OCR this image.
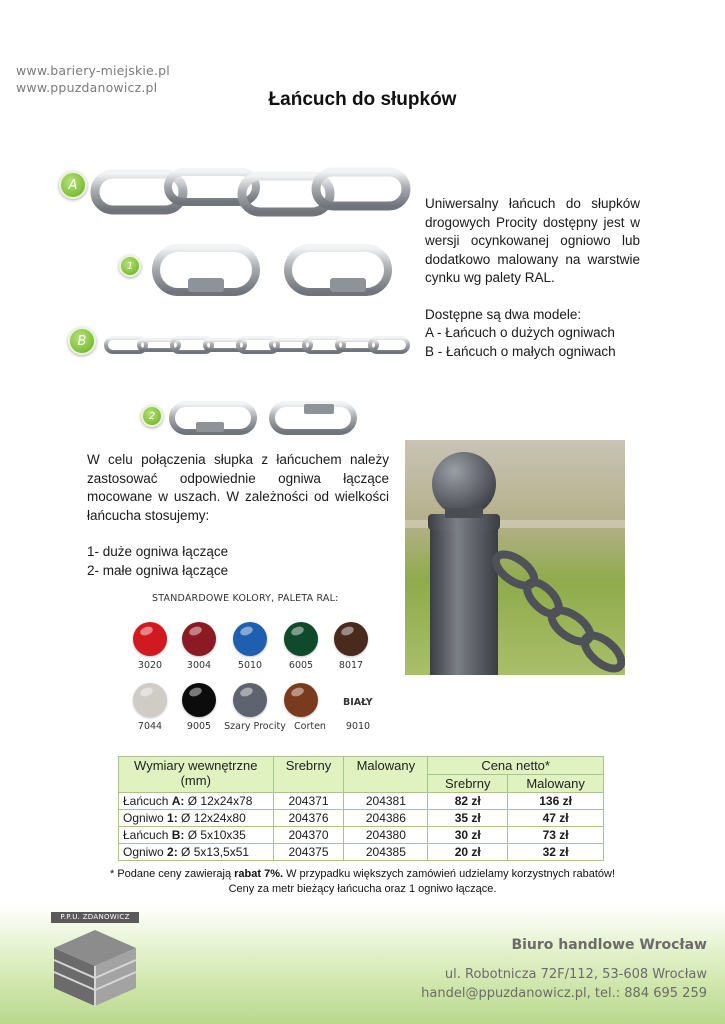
www.bariery-miejskie.pl
www.ppuzdanowicz.pl
Łańcuch do słupków
A
1
B
2

Uniwersalny łańcuch do słupków drogowych Procity dostępny jest w wersji ocynkowanej ogniowo lub dodatkowo malowany na warstwie cynku wg palety RAL.

Dostępne są dwa modele:
A - Łańcuch o dużych ogniwach
B - Łańcuch o małych ogniwach
W celu połączenia słupka z łańcuchem należy zastosować odpowiednie ogniwa łączące mocowane w uszach. W zależności od wielkości łańcucha stosujemy:
1- duże ogniwa łączące
2- małe ogniwa łączące
STANDARDOWE KOLORY, PALETA RAL:
3020	3004	5010	6005	8017
7044	9005	Szary Procity Corten	9010
BIAŁY
Wymiary wewnętrzne (mm)	Srebrny	Malowany	Cena netto*	
			Srebrny	Malowany
Łańcuch A: Ø 12x24x78	204371	204381	82 zł	136 zł
Ogniwo 1: Ø 12x24x80	204376	204386	35 zł	47 zł
Łańcuch B: Ø 5x10x35	204370	204380	30 zł	73 zł
Ogniwo 2: Ø 5x13,5x51	204375	204385	20 zł	32 zł
* Podane ceny zawierają rabat 7%. W przypadku większych zamówień udzielamy korzystnych rabatów!
Ceny za metr bieżący łańcucha oraz 1 ogniwo łączące.
P.P.U. ZDANOWICZ
Biuro handlowe Wrocław
ul. Robotnicza 72F/112, 53-608 Wrocław
handel@ppuzdanowicz.pl, tel.: 884 695 259
